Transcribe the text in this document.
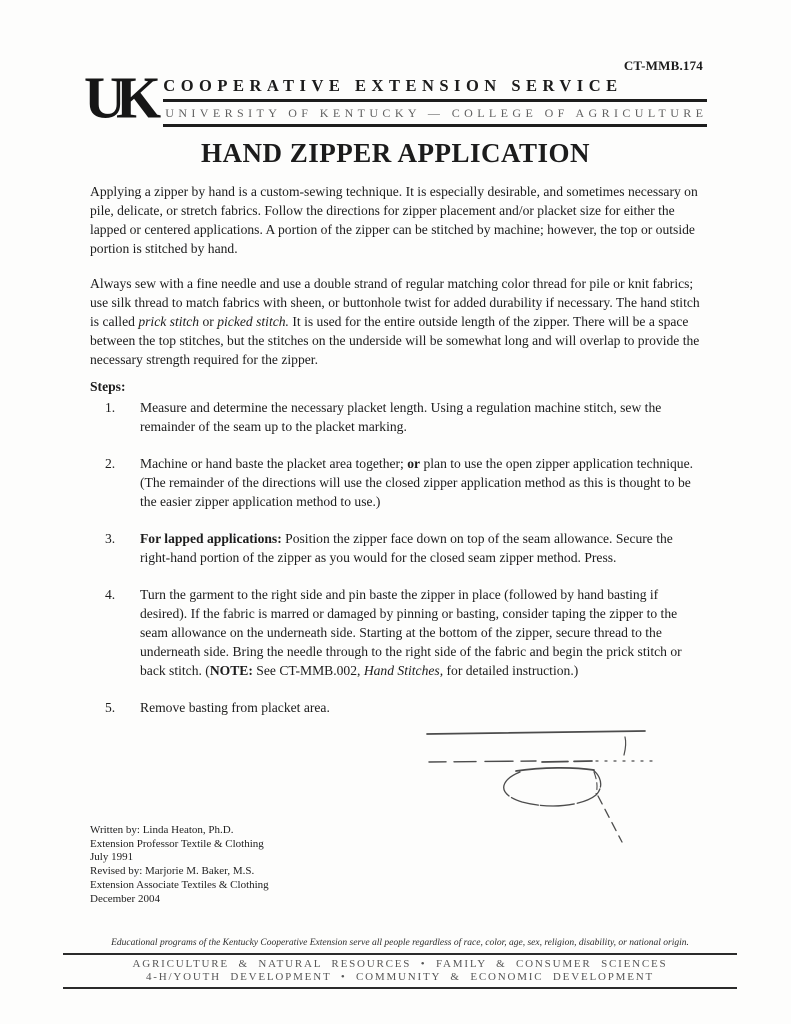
CT-MMB.174
UK COOPERATIVE EXTENSION SERVICE
UNIVERSITY OF KENTUCKY — COLLEGE OF AGRICULTURE
HAND ZIPPER APPLICATION

Applying a zipper by hand is a custom-sewing technique. It is especially desirable, and sometimes necessary on pile, delicate, or stretch fabrics. Follow the directions for zipper placement and/or placket size for either the lapped or centered applications. A portion of the zipper can be stitched by machine; however, the top or outside portion is stitched by hand.

Always sew with a fine needle and use a double strand of regular matching color thread for pile or knit fabrics; use silk thread to match fabrics with sheen, or buttonhole twist for added durability if necessary. The hand stitch is called prick stitch or picked stitch. It is used for the entire outside length of the zipper. There will be a space between the top stitches, but the stitches on the underside will be somewhat long and will overlap to provide the necessary strength required for the zipper.

Steps:
1.	Measure and determine the necessary placket length. Using a regulation machine stitch, sew the remainder of the seam up to the placket marking.
2.	Machine or hand baste the placket area together; or plan to use the open zipper application technique. (The remainder of the directions will use the closed zipper application method as this is thought to be the easier zipper application method to use.)
3.	For lapped applications: Position the zipper face down on top of the seam allowance. Secure the right-hand portion of the zipper as you would for the closed seam zipper method. Press.
4.	Turn the garment to the right side and pin baste the zipper in place (followed by hand basting if desired). If the fabric is marred or damaged by pinning or basting, consider taping the zipper to the seam allowance on the underneath side. Starting at the bottom of the zipper, secure thread to the underneath side. Bring the needle through to the right side of the fabric and begin the prick stitch or back stitch. (NOTE: See CT-MMB.002, Hand Stitches, for detailed instruction.)
5.	Remove basting from placket area.
Written by: Linda Heaton, Ph.D.
Extension Professor Textile & Clothing
July 1991
Revised by: Marjorie M. Baker, M.S.
Extension Associate Textiles & Clothing
December 2004
Educational programs of the Kentucky Cooperative Extension serve all people regardless of race, color, age, sex, religion, disability, or national origin.
AGRICULTURE & NATURAL RESOURCES • FAMILY & CONSUMER SCIENCES
4-H/YOUTH DEVELOPMENT • COMMUNITY & ECONOMIC DEVELOPMENT
